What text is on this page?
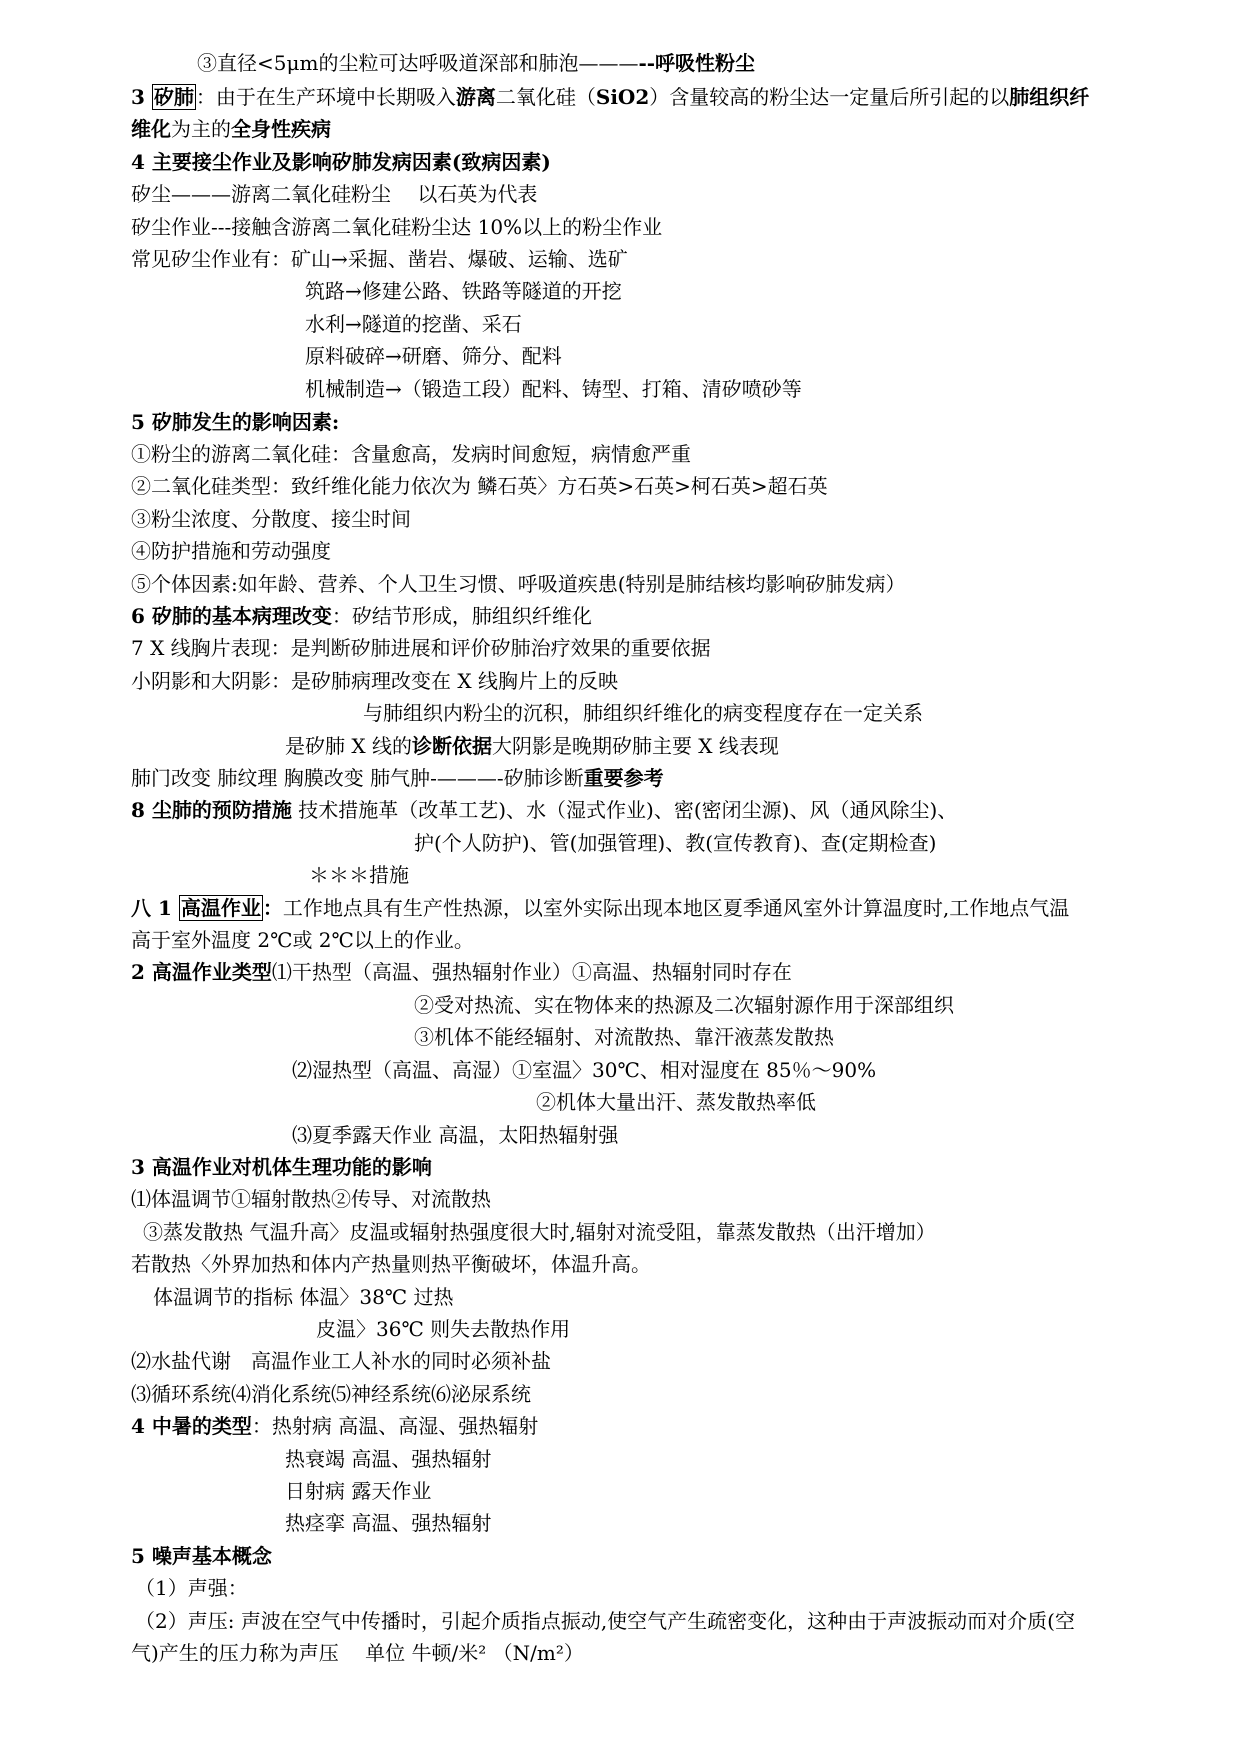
③直径<5μm的尘粒可达呼吸道深部和肺泡———--呼吸性粉尘
3 矽肺 ：由于在生产环境中长期吸入游离二氧化硅（SiO2）含量较高的粉尘达一定量后所引起的以肺组织纤
维化为主的全身性疾病
4 主要接尘作业及影响矽肺发病因素(致病因素)
矽尘———游离二氧化硅粉尘　 以石英为代表
矽尘作业---接触含游离二氧化硅粉尘达 10%以上的粉尘作业
常见矽尘作业有：矿山→采掘、凿岩、爆破、运输、选矿
筑路→修建公路、铁路等隧道的开挖
水利→隧道的挖凿、采石
原料破碎→研磨、筛分、配料
机械制造→（锻造工段）配料、铸型、打箱、清矽喷砂等
5 矽肺发生的影响因素:
①粉尘的游离二氧化硅：含量愈高，发病时间愈短，病情愈严重
②二氧化硅类型：致纤维化能力依次为 鳞石英〉方石英>石英>柯石英>超石英
③粉尘浓度、分散度、接尘时间
④防护措施和劳动强度
⑤个体因素:如年龄、营养、个人卫生习惯、呼吸道疾患(特别是肺结核均影响矽肺发病）
6 矽肺的基本病理改变：矽结节形成，肺组织纤维化
7 X 线胸片表现：是判断矽肺进展和评价矽肺治疗效果的重要依据
小阴影和大阴影：是矽肺病理改变在 X 线胸片上的反映
与肺组织内粉尘的沉积，肺组织纤维化的病变程度存在一定关系
是矽肺 X 线的诊断依据大阴影是晚期矽肺主要 X 线表现
肺门改变 肺纹理 胸膜改变 肺气肿-———-矽肺诊断重要参考
8 尘肺的预防措施 技术措施革（改革工艺)、水（湿式作业)、密(密闭尘源)、风（通风除尘)、
护(个人防护)、管(加强管理)、教(宣传教育)、查(定期检查)
＊＊＊措施
八 1 高温作业 ：工作地点具有生产性热源，以室外实际出现本地区夏季通风室外计算温度时,工作地点气温
高于室外温度 2℃或 2℃以上的作业。
2 高温作业类型⑴干热型（高温、强热辐射作业）①高温、热辐射同时存在
②受对热流、实在物体来的热源及二次辐射源作用于深部组织
③机体不能经辐射、对流散热、靠汗液蒸发散热
⑵湿热型（高温、高湿）①室温〉30℃、相对湿度在 85％～90%
②机体大量出汗、蒸发散热率低
⑶夏季露天作业 高温，太阳热辐射强
3 高温作业对机体生理功能的影响
⑴体温调节①辐射散热②传导、对流散热
③蒸发散热 气温升高〉皮温或辐射热强度很大时,辐射对流受阻，靠蒸发散热（出汗增加）
若散热〈外界加热和体内产热量则热平衡破坏，体温升高。
体温调节的指标 体温〉38℃ 过热
皮温〉36℃ 则失去散热作用
⑵水盐代谢　高温作业工人补水的同时必须补盐
⑶循环系统⑷消化系统⑸神经系统⑹泌尿系统
4 中暑的类型：热射病 高温、高湿、强热辐射
热衰竭 高温、强热辐射
日射病 露天作业
热痉挛 高温、强热辐射
5 噪声基本概念
（1）声强：
（2）声压: 声波在空气中传播时，引起介质指点振动,使空气产生疏密变化，这种由于声波振动而对介质(空
气)产生的压力称为声压　 单位 牛顿/米² （N/m²）
